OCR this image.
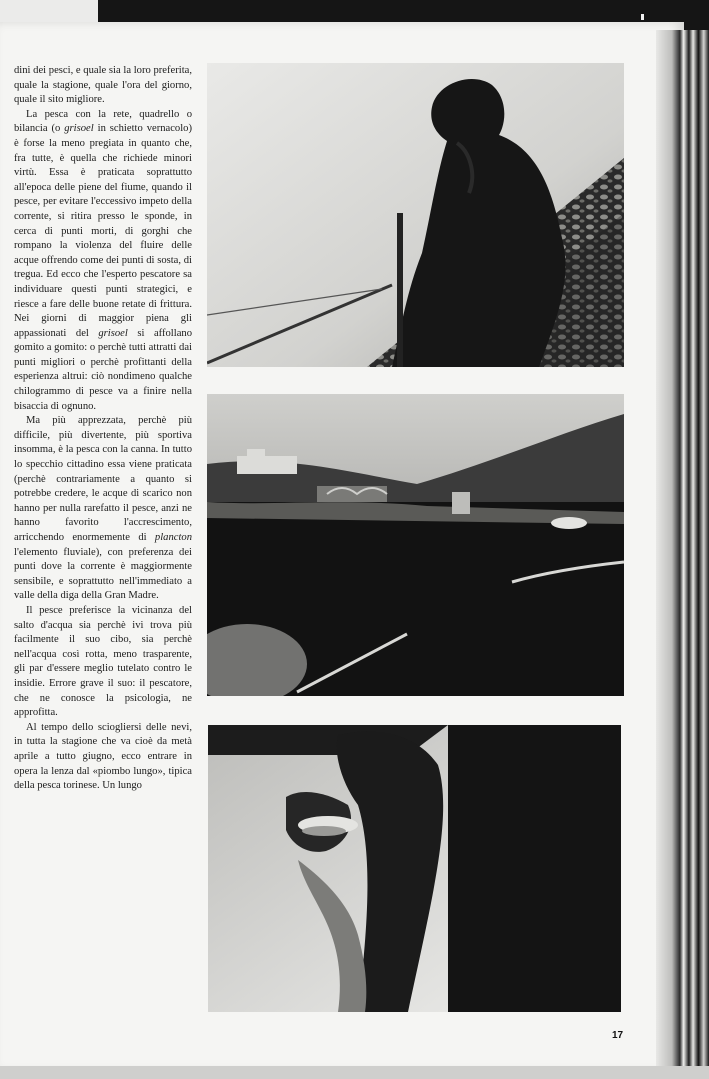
dini dei pesci, e quale sia la loro preferita, quale la stagione, quale l'ora del giorno, quale il sito migliore.

La pesca con la rete, quadrello o bilancia (o grisoel in schietto vernacolo) è forse la meno pregiata in quanto che, fra tutte, è quella che richiede minori virtù. Essa è praticata soprattutto all'epoca delle piene del fiume, quando il pesce, per evitare l'eccessivo impeto della corrente, si ritira presso le sponde, in cerca di punti morti, di gorghi che rompano la violenza del fluire delle acque offrendo come dei punti di sosta, di tregua. Ed ecco che l'esperto pescatore sa individuare questi punti strategici, e riesce a fare delle buone retate di frittura. Nei giorni di maggior piena gli appassionati del grisoel si affollano gomito a gomito: o perchè tutti attratti dai punti migliori o perchè profittanti della esperienza altrui: ciò nondimeno qualche chilogrammo di pesce va a finire nella bisaccia di ognuno.

Ma più apprezzata, perchè più difficile, più divertente, più sportiva insomma, è la pesca con la canna. In tutto lo specchio cittadino essa viene praticata (perchè contrariamente a quanto si potrebbe credere, le acque di scarico non hanno per nulla rarefatto il pesce, anzi ne hanno favorito l'accrescimento, arricchendo enormemente di plancton l'elemento fluviale), con preferenza dei punti dove la corrente è maggiormente sensibile, e soprattutto nell'immediato a valle della diga della Gran Madre.

Il pesce preferisce la vicinanza del salto d'acqua sia perchè ivi trova più facilmente il suo cibo, sia perchè nell'acqua così rotta, meno trasparente, gli par d'essere meglio tutelato contro le insidie. Errore grave il suo: il pescatore, che ne conosce la psicologia, ne approfitta.

Al tempo dello sciogliersi delle nevi, in tutta la stagione che va cioè da metà aprile a tutto giugno, ecco entrare in opera la lenza dal «piombo lungo», tipica della pesca torinese. Un lungo

17
